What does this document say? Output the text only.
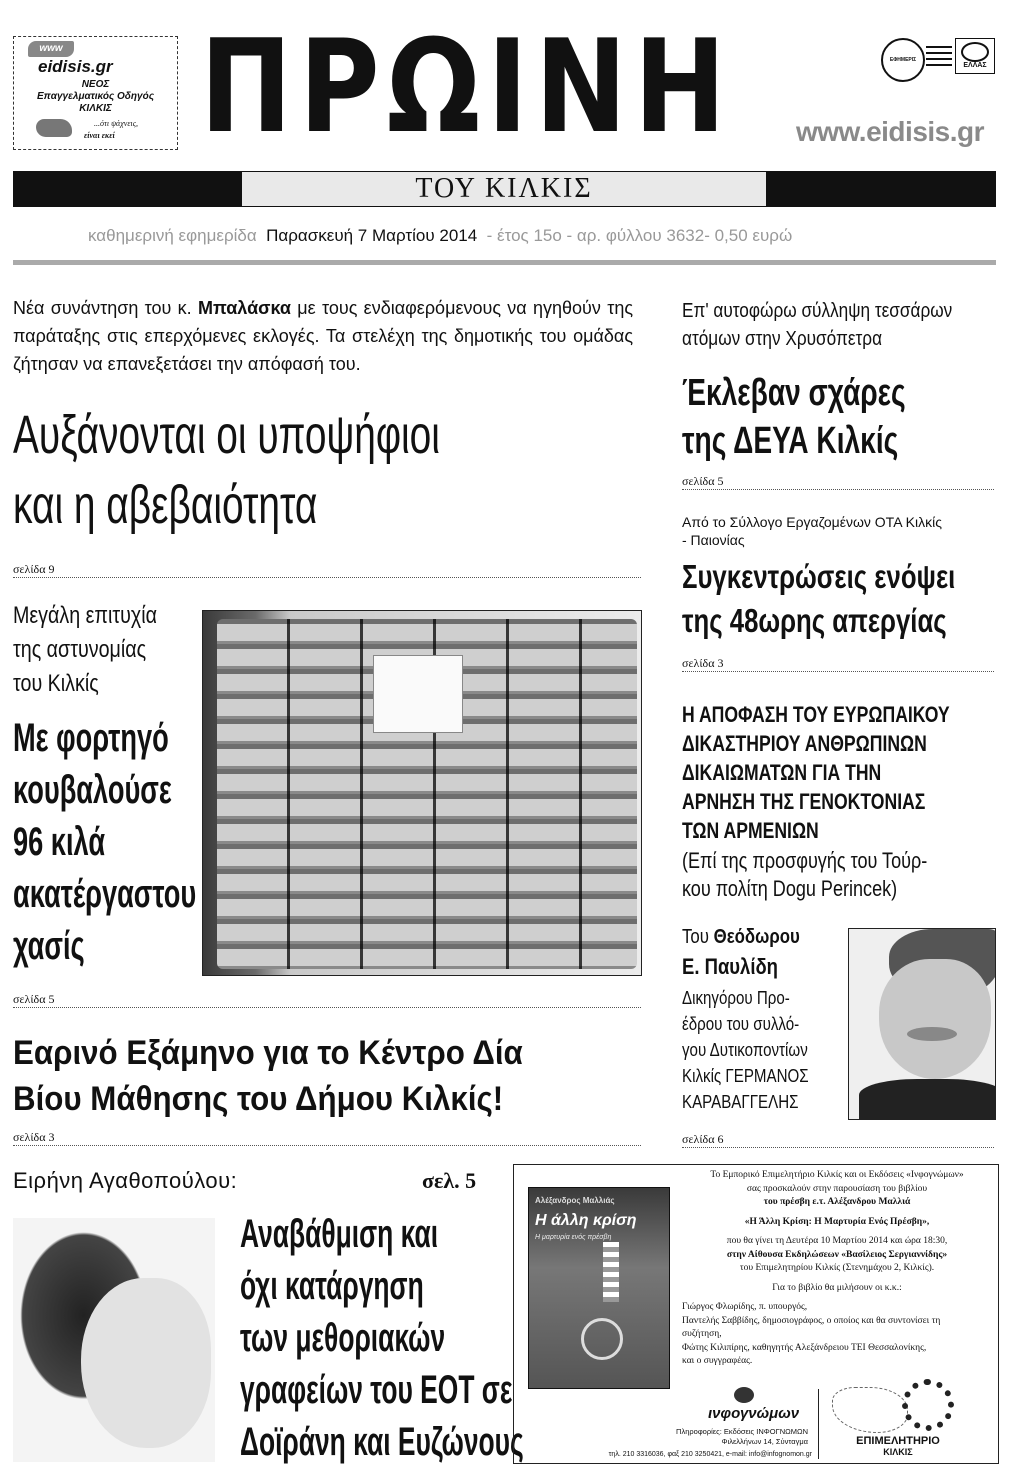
www
eidisis.gr
ΝΕΟΣ
Επαγγελματικός Οδηγός
ΚΙΛΚΙΣ
...ότι ψάχνεις,
είναι εκεί ΠΡΩΙΝΗ	ΕΦΗΜΕΡΙΣ
ΕΛΛΑΣ
www.eidisis.gr
ΤΟΥ ΚΙΛΚΙΣ
καθημερινή εφημερίδα Παρασκευή 7 Μαρτίου 2014 - έτος 15ο - αρ. φύλλου 3632- 0,50 ευρώ
Νέα συνάντηση του κ. Μπαλάσκα με τους ενδιαφερόμενους να ηγηθούν της παράταξης στις επερχόμενες εκλογές. Τα στελέχη της δημοτικής του ομάδας ζήτησαν να επανεξετάσει την απόφασή του.
Αυξάνονται οι υποψήφιοι
και η αβεβαιότητα
σελίδα 9
Μεγάλη επιτυχία
της αστυνομίας
του Κιλκίς
Με φορτηγό
κουβαλούσε
96 κιλά
ακατέργαστου
χασίς
σελίδα 5
Εαρινό Εξάμηνο για το Κέντρο Δία
Βίου Μάθησης του Δήμου Κιλκίς!
σελίδα 3
Ειρήνη Αγαθοπούλου:	σελ. 5
Αναβάθμιση και
όχι κατάργηση
των μεθοριακών
γραφείων του ΕΟΤ σε
Δοϊράνη και Ευζώνους
Επ' αυτοφώρω σύλληψη τεσσάρων
ατόμων στην Χρυσόπετρα
Έκλεβαν σχάρες
της ΔΕΥΑ Κιλκίς
σελίδα 5
Από το Σύλλογο Εργαζομένων ΟΤΑ Κιλκίς
- Παιονίας
Συγκεντρώσεις ενόψει
της 48ωρης απεργίας
σελίδα 3
Η ΑΠΟΦΑΣΗ ΤΟΥ ΕΥΡΩΠΑΙΚΟΥ
ΔΙΚΑΣΤΗΡΙΟΥ ΑΝΘΡΩΠΙΝΩΝ
ΔΙΚΑΙΩΜΑΤΩΝ ΓΙΑ ΤΗΝ
ΑΡΝΗΣΗ ΤΗΣ ΓΕΝΟΚΤΟΝΙΑΣ
ΤΩΝ ΑΡΜΕΝΙΩΝ
(Επί της προσφυγής του Τούρ-
κου πολίτη Dogu Perincek)
Του Θεόδωρου
Ε. Παυλίδη
Δικηγόρου Προ-
έδρου του συλλό-
γου Δυτικοποντίων
Κιλκίς ΓΕΡΜΑΝΟΣ
ΚΑΡΑΒΑΓΓΕΛΗΣ
σελίδα 6
Αλέξανδρος Μαλλιάς
Η άλλη κρίση
Η μαρτυρία ενός πρέσβη
Το Εμπορικό Επιμελητήριο Κιλκίς και οι Εκδόσεις «Ινφογνώμων»
σας προσκαλούν στην παρουσίαση του βιβλίου
του πρέσβη ε.τ. Αλέξανδρου Μαλλιά
«Η Άλλη Κρίση: Η Μαρτυρία Ενός Πρέσβη»,
που θα γίνει τη Δευτέρα 10 Μαρτίου 2014 και ώρα 18:30,
στην Αίθουσα Εκδηλώσεων «Βασίλειος Σεργιαννίδης»
του Επιμελητηρίου Κιλκίς (Στενημάχου 2, Κιλκίς).
Για το βιβλίο θα μιλήσουν οι κ.κ.:
Γιώργος Φλωρίδης, π. υπουργός,
Παντελής Σαββίδης, δημοσιογράφος, ο οποίος και θα συντονίσει τη
συζήτηση,
Φώτης Κιλιπίρης, καθηγητής Αλεξάνδρειου ΤΕΙ Θεσσαλονίκης,
και ο συγγραφέας.
ινφογνώμων
Πληροφορίες: Εκδόσεις ΙΝΦΟΓΝΩΜΩΝ
Φιλελλήνων 14, Σύνταγμα
τηλ. 210 3316036, φαξ 210 3250421, e-mail: info@infognomon.gr
ΕΠΙΜΕΛΗΤΗΡΙΟ
ΚΙΛΚΙΣ
